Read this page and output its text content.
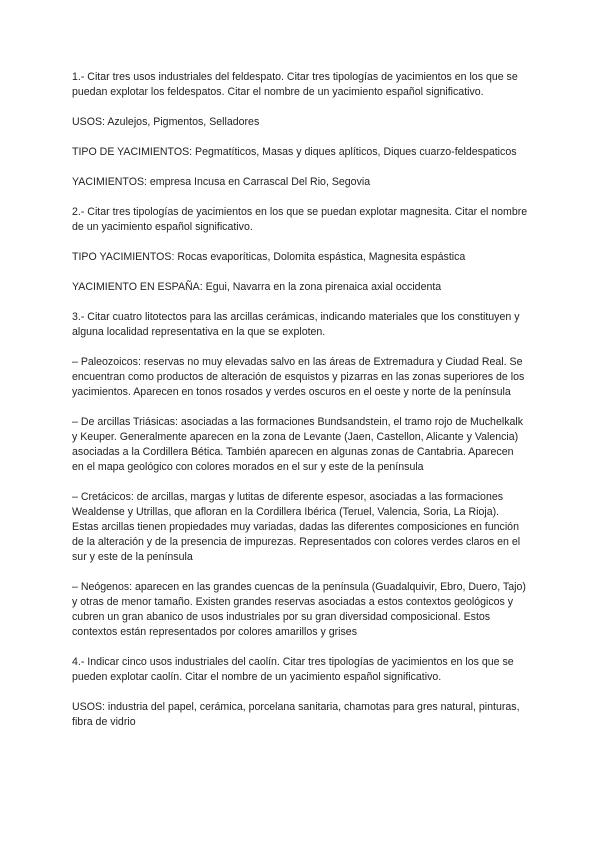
1.- Citar tres usos industriales del feldespato. Citar tres tipologías de yacimientos en los que se puedan explotar los feldespatos. Citar el nombre de un yacimiento español significativo.

USOS: Azulejos, Pigmentos, Selladores

TIPO DE YACIMIENTOS: Pegmatíticos, Masas y diques aplíticos, Diques cuarzo-feldespaticos

YACIMIENTOS: empresa Incusa en Carrascal Del Rio, Segovia

2.- Citar tres tipologías de yacimientos en los que se puedan explotar magnesita. Citar el nombre de un yacimiento español significativo.

TIPO YACIMIENTOS: Rocas evaporíticas, Dolomita espástica, Magnesita espástica

YACIMIENTO EN ESPAÑA: Egui, Navarra en la zona pirenaica axial occidenta

3.- Citar cuatro litotectos para las arcillas cerámicas, indicando materiales que los constituyen y alguna localidad representativa en la que se exploten.

– Paleozoicos: reservas no muy elevadas salvo en las áreas de Extremadura y Ciudad Real. Se encuentran como productos de alteración de esquistos y pizarras en las zonas superiores de los yacimientos. Aparecen en tonos rosados y verdes oscuros en el oeste y norte de la península

– De arcillas Triásicas: asociadas a las formaciones Bundsandstein, el tramo rojo de Muchelkalk y Keuper. Generalmente aparecen en la zona de Levante (Jaen, Castellon, Alicante y Valencia) asociadas a la Cordillera Bética. También aparecen en algunas zonas de Cantabria. Aparecen en el mapa geológico con colores morados en el sur y este de la península

– Cretácicos: de arcillas, margas y lutitas de diferente espesor, asociadas a las formaciones Wealdense y Utrillas, que afloran en la Cordillera Ibérica (Teruel, Valencia, Soria, La Rioja). Estas arcillas tienen propiedades muy variadas, dadas las diferentes composiciones en función de la alteración y de la presencia de impurezas. Representados con colores verdes claros en el sur y este de la península

– Neógenos: aparecen en las grandes cuencas de la península (Guadalquivir, Ebro, Duero, Tajo) y otras de menor tamaño. Existen grandes reservas asociadas a estos contextos geológicos y cubren un gran abanico de usos industriales por su gran diversidad composicional. Estos contextos están representados por colores amarillos y grises

4.- Indicar cinco usos industriales del caolín. Citar tres tipologías de yacimientos en los que se pueden explotar caolín. Citar el nombre de un yacimiento español significativo.

USOS: industria del papel, cerámica, porcelana sanitaria, chamotas para gres natural, pinturas, fibra de vidrio
